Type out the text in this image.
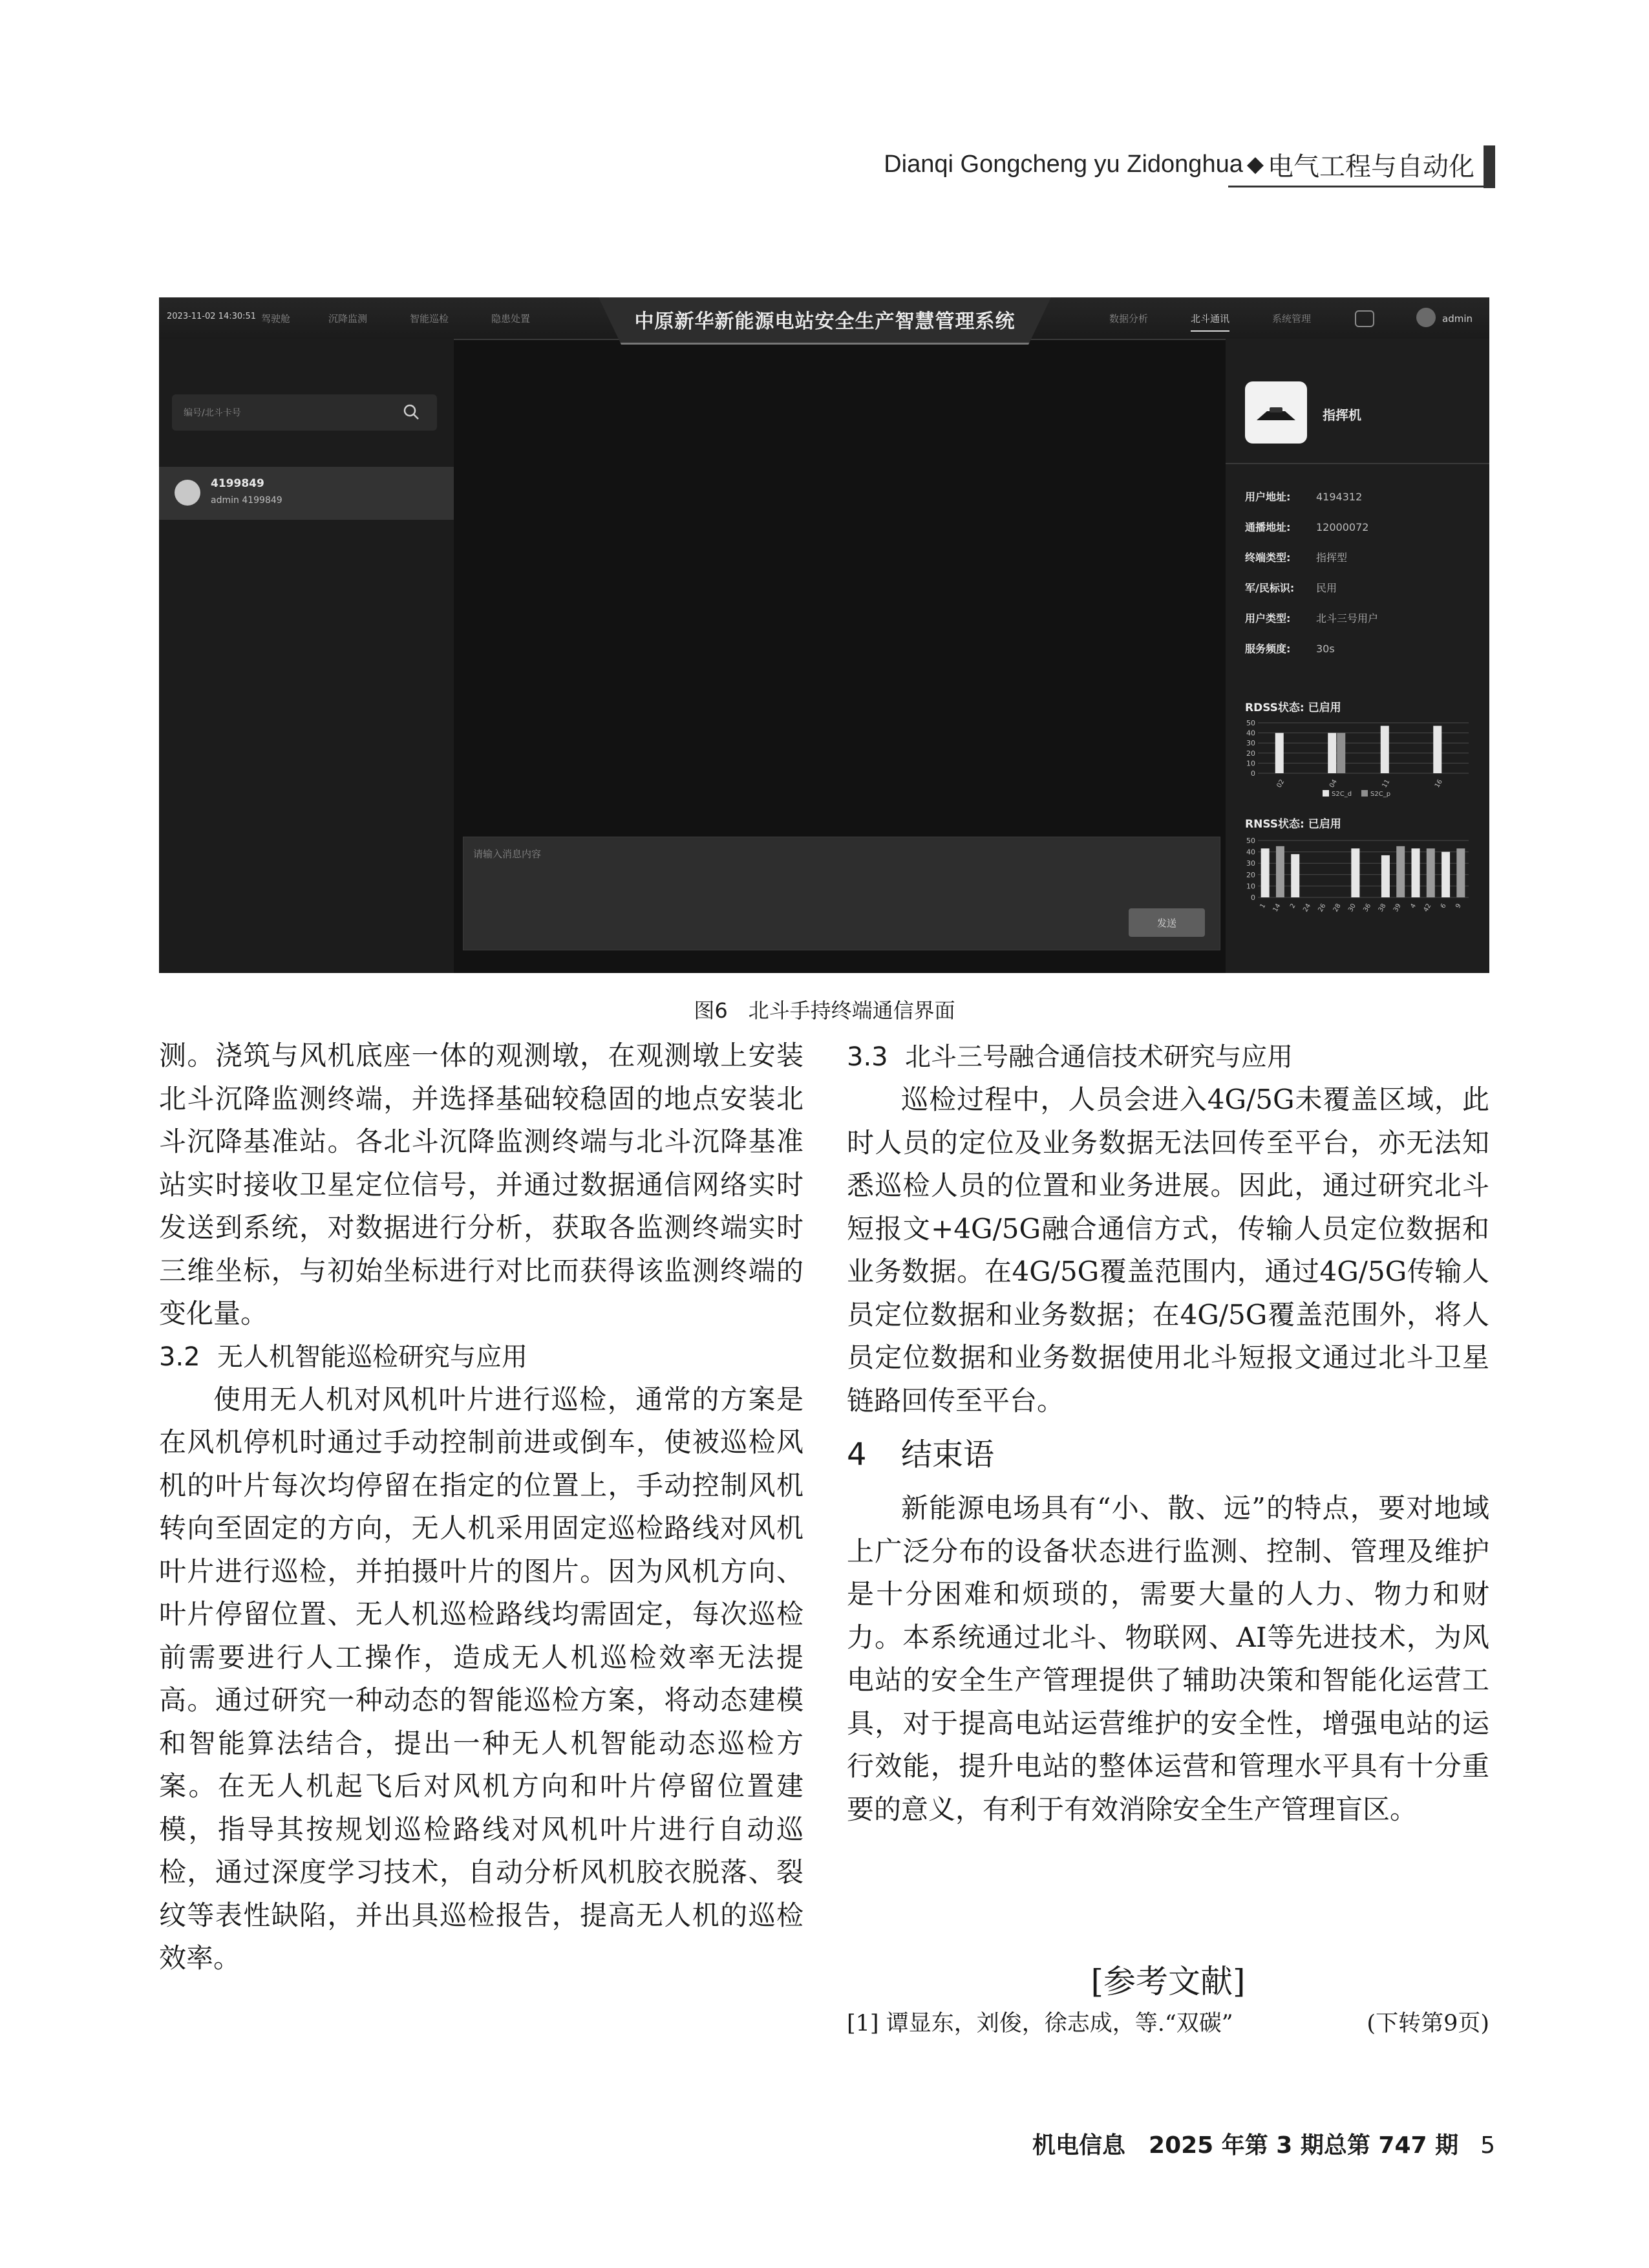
Dianqi Gongcheng yu Zidonghua ◆ 电气工程与自动化
中原新华新能源电站安全生产智慧管理系统
2023-11-02 14:30:51 驾驶舱	沉降监测	智能巡检	隐患处置	数据分析	北斗通讯	系统管理	admin
编号/北斗卡号
4199849
admin 4199849
请输入消息内容
发送
指挥机
用户地址: 4194312
通播地址: 12000072
终端类型: 指挥型
军/民标识: 民用
用户类型: 北斗三号用户
服务频度: 30s
RDSS状态: 已启用
0
10
20
30
40
50
02	04	11	16
S2C_d	S2C_p
RNSS状态: 已启用
0
10
20
30
40
50
1 14 2 24 26 28 30 36 38 39 4 42 6 9
图6　北斗手持终端通信界面

测。浇筑与风机底座一体的观测墩，在观测墩上安装北斗沉降监测终端，并选择基础较稳固的地点安装北斗沉降基准站。各北斗沉降监测终端与北斗沉降基准站实时接收卫星定位信号，并通过数据通信网络实时发送到系统，对数据进行分析，获取各监测终端实时三维坐标，与初始坐标进行对比而获得该监测终端的变化量。

3.2 无人机智能巡检研究与应用

使用无人机对风机叶片进行巡检，通常的方案是在风机停机时通过手动控制前进或倒车，使被巡检风机的叶片每次均停留在指定的位置上，手动控制风机转向至固定的方向，无人机采用固定巡检路线对风机叶片进行巡检，并拍摄叶片的图片。因为风机方向、叶片停留位置、无人机巡检路线均需固定，每次巡检前需要进行人工操作，造成无人机巡检效率无法提高。通过研究一种动态的智能巡检方案，将动态建模和智能算法结合，提出一种无人机智能动态巡检方案。在无人机起飞后对风机方向和叶片停留位置建模，指导其按规划巡检路线对风机叶片进行自动巡检，通过深度学习技术，自动分析风机胶衣脱落、裂纹等表性缺陷，并出具巡检报告，提高无人机的巡检效率。

3.3 北斗三号融合通信技术研究与应用

巡检过程中，人员会进入4G/5G未覆盖区域，此时人员的定位及业务数据无法回传至平台，亦无法知悉巡检人员的位置和业务进展。因此，通过研究北斗短报文+4G/5G融合通信方式，传输人员定位数据和业务数据。在4G/5G覆盖范围内，通过4G/5G传输人员定位数据和业务数据；在4G/5G覆盖范围外，将人员定位数据和业务数据使用北斗短报文通过北斗卫星链路回传至平台。

4 结束语

新能源电场具有“小、散、远”的特点，要对地域上广泛分布的设备状态进行监测、控制、管理及维护是十分困难和烦琐的，需要大量的人力、物力和财力。本系统通过北斗、物联网、AI等先进技术，为风电站的安全生产管理提供了辅助决策和智能化运营工具，对于提高电站运营维护的安全性，增强电站的运行效能，提升电站的整体运营和管理水平具有十分重要的意义，有利于有效消除安全生产管理盲区。

[参考文献]
[1] 谭显东，刘俊，徐志成，等.“双碳”	(下转第9页)
机电信息　2025 年第 3 期总第 747 期 5
